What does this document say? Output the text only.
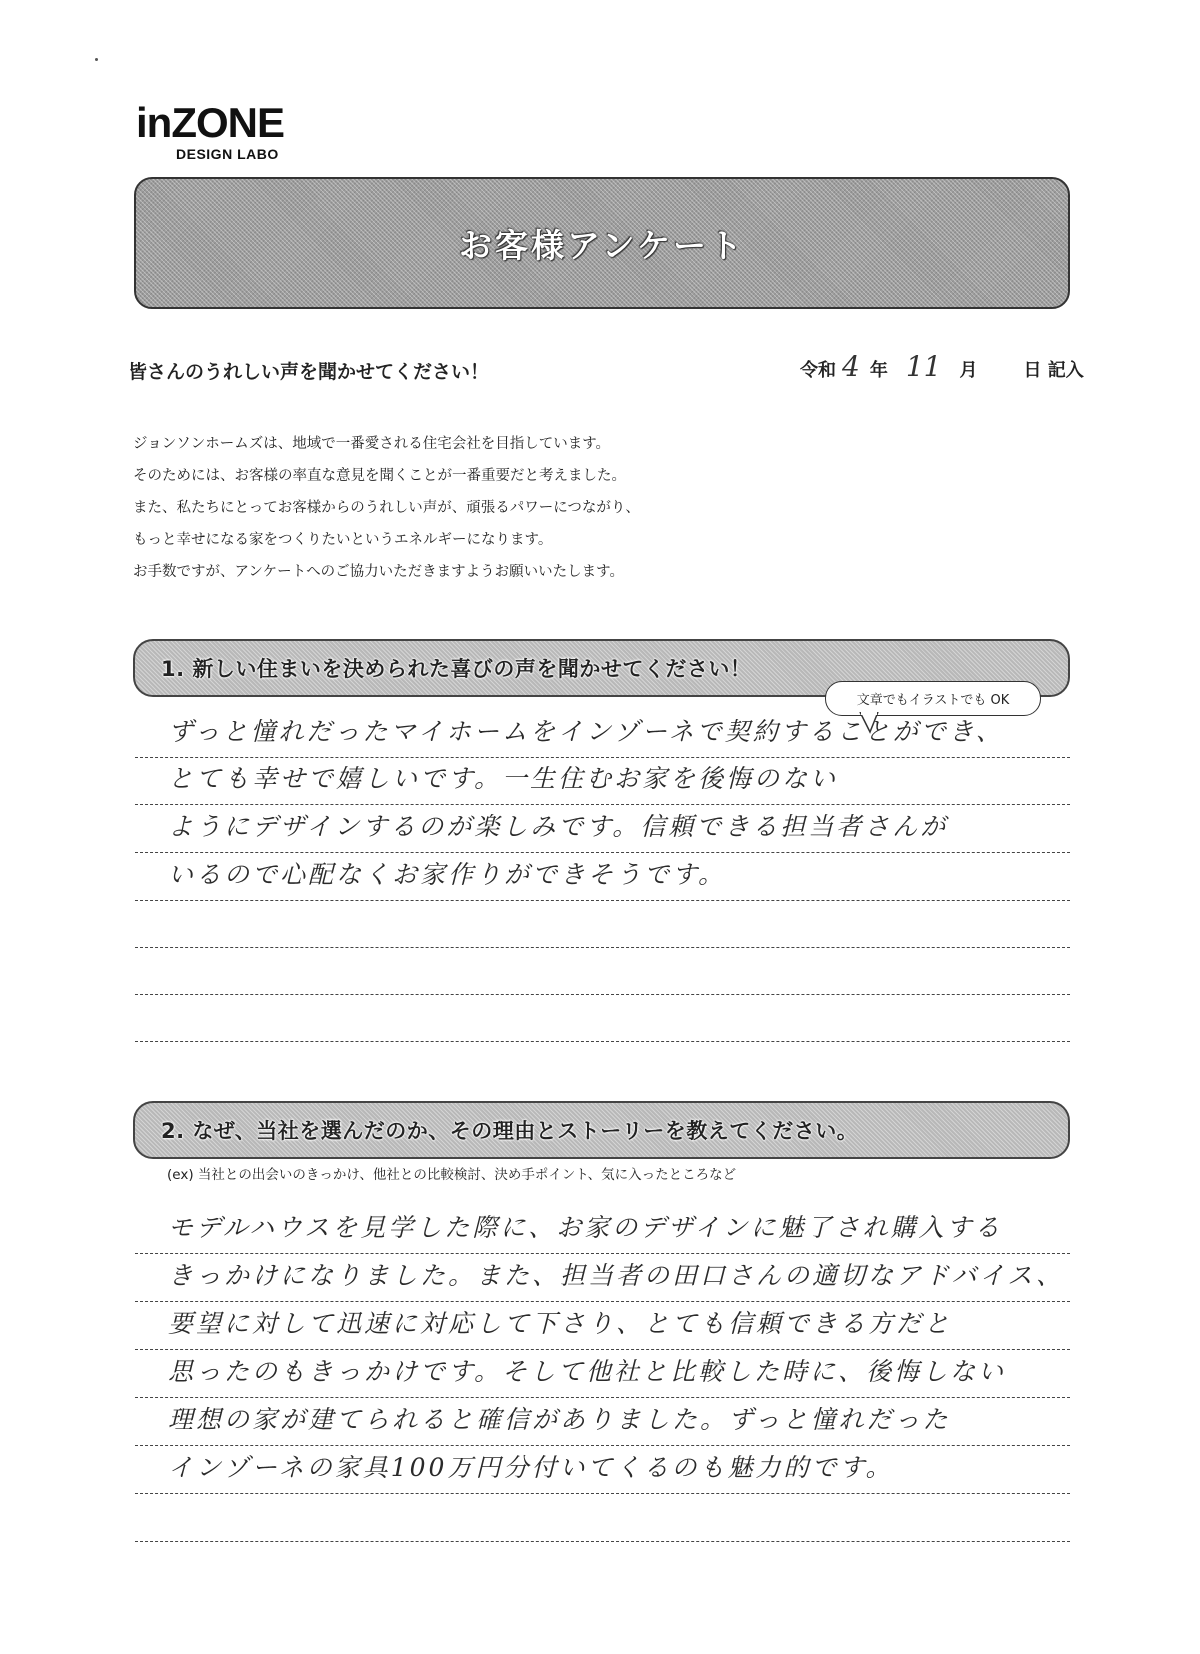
inZONE
DESIGN LABO
お客様アンケート
皆さんのうれしい声を聞かせてください！	令和 4 年 11 月	日 記入
ジョンソンホームズは、地域で一番愛される住宅会社を目指しています。
そのためには、お客様の率直な意見を聞くことが一番重要だと考えました。
また、私たちにとってお客様からのうれしい声が、頑張るパワーにつながり、
もっと幸せになる家をつくりたいというエネルギーになります。
お手数ですが、アンケートへのご協力いただきますようお願いいたします。
1. 新しい住まいを決められた喜びの声を聞かせてください！
文章でもイラストでも OK
ずっと憧れだったマイホームをインゾーネで契約することができ、
とても幸せで嬉しいです。一生住むお家を後悔のない
ようにデザインするのが楽しみです。信頼できる担当者さんが
いるので心配なくお家作りができそうです。
2. なぜ、当社を選んだのか、その理由とストーリーを教えてください。
(ex) 当社との出会いのきっかけ、他社との比較検討、決め手ポイント、気に入ったところなど
モデルハウスを見学した際に、お家のデザインに魅了され購入する
きっかけになりました。また、担当者の田口さんの適切なアドバイス、
要望に対して迅速に対応して下さり、とても信頼できる方だと
思ったのもきっかけです。そして他社と比較した時に、後悔しない
理想の家が建てられると確信がありました。ずっと憧れだった
インゾーネの家具100万円分付いてくるのも魅力的です。
